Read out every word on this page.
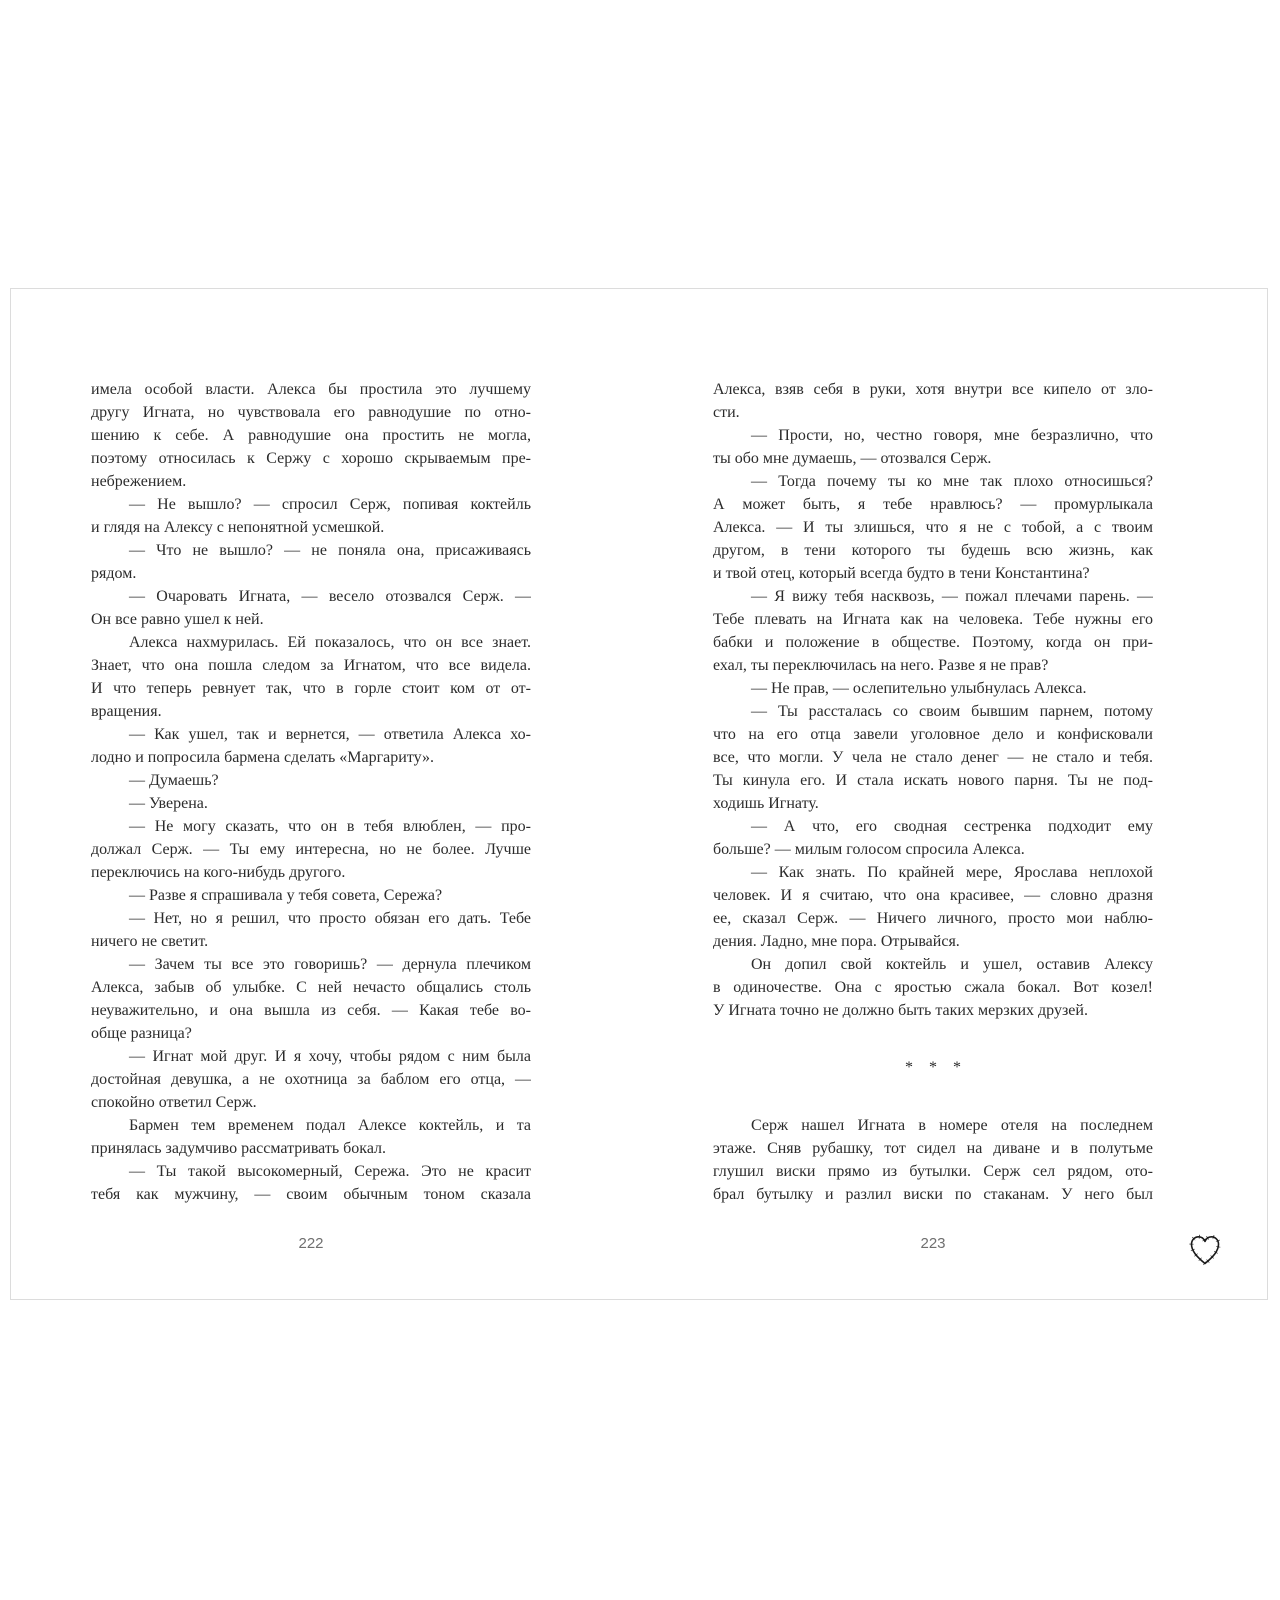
имела особой власти. Алекса бы простила это лучшему
другу Игната, но чувствовала его равнодушие по отно-
шению к себе. А равнодушие она простить не могла,
поэтому относилась к Сержу с хорошо скрываемым пре-
небрежением.
— Не вышло? — спросил Серж, попивая коктейль
и глядя на Алексу с непонятной усмешкой.
— Что не вышло? — не поняла она, присаживаясь
рядом.
— Очаровать Игната, — весело отозвался Серж. —
Он все равно ушел к ней.
Алекса нахмурилась. Ей показалось, что он все знает.
Знает, что она пошла следом за Игнатом, что все видела.
И что теперь ревнует так, что в горле стоит ком от от-
вращения.
— Как ушел, так и вернется, — ответила Алекса хо-
лодно и попросила бармена сделать «Маргариту».
— Думаешь?
— Уверена.
— Не могу сказать, что он в тебя влюблен, — про-
должал Серж. — Ты ему интересна, но не более. Лучше
переключись на кого-нибудь другого.
— Разве я спрашивала у тебя совета, Сережа?
— Нет, но я решил, что просто обязан его дать. Тебе
ничего не светит.
— Зачем ты все это говоришь? — дернула плечиком
Алекса, забыв об улыбке. С ней нечасто общались столь
неуважительно, и она вышла из себя. — Какая тебе во-
обще разница?
— Игнат мой друг. И я хочу, чтобы рядом с ним была
достойная девушка, а не охотница за баблом его отца, —
спокойно ответил Серж.
Бармен тем временем подал Алексе коктейль, и та
принялась задумчиво рассматривать бокал.
— Ты такой высокомерный, Сережа. Это не красит
тебя как мужчину, — своим обычным тоном сказала
Алекса, взяв себя в руки, хотя внутри все кипело от зло-
сти.
— Прости, но, честно говоря, мне безразлично, что
ты обо мне думаешь, — отозвался Серж.
— Тогда почему ты ко мне так плохо относишься?
А может быть, я тебе нравлюсь? — промурлыкала
Алекса. — И ты злишься, что я не с тобой, а с твоим
другом, в тени которого ты будешь всю жизнь, как
и твой отец, который всегда будто в тени Константина?
— Я вижу тебя насквозь, — пожал плечами парень. —
Тебе плевать на Игната как на человека. Тебе нужны его
бабки и положение в обществе. Поэтому, когда он при-
ехал, ты переключилась на него. Разве я не прав?
— Не прав, — ослепительно улыбнулась Алекса.
— Ты рассталась со своим бывшим парнем, потому
что на его отца завели уголовное дело и конфисковали
все, что могли. У чела не стало денег — не стало и тебя.
Ты кинула его. И стала искать нового парня. Ты не под-
ходишь Игнату.
— А что, его сводная сестренка подходит ему
больше? — милым голосом спросила Алекса.
— Как знать. По крайней мере, Ярослава неплохой
человек. И я считаю, что она красивее, — словно дразня
ее, сказал Серж. — Ничего личного, просто мои наблю-
дения. Ладно, мне пора. Отрывайся.
Он допил свой коктейль и ушел, оставив Алексу
в одиночестве. Она с яростью сжала бокал. Вот козел!
У Игната точно не должно быть таких мерзких друзей.
* * *
Серж нашел Игната в номере отеля на последнем
этаже. Сняв рубашку, тот сидел на диване и в полутьме
глушил виски прямо из бутылки. Серж сел рядом, ото-
брал бутылку и разлил виски по стаканам. У него был
222	223
